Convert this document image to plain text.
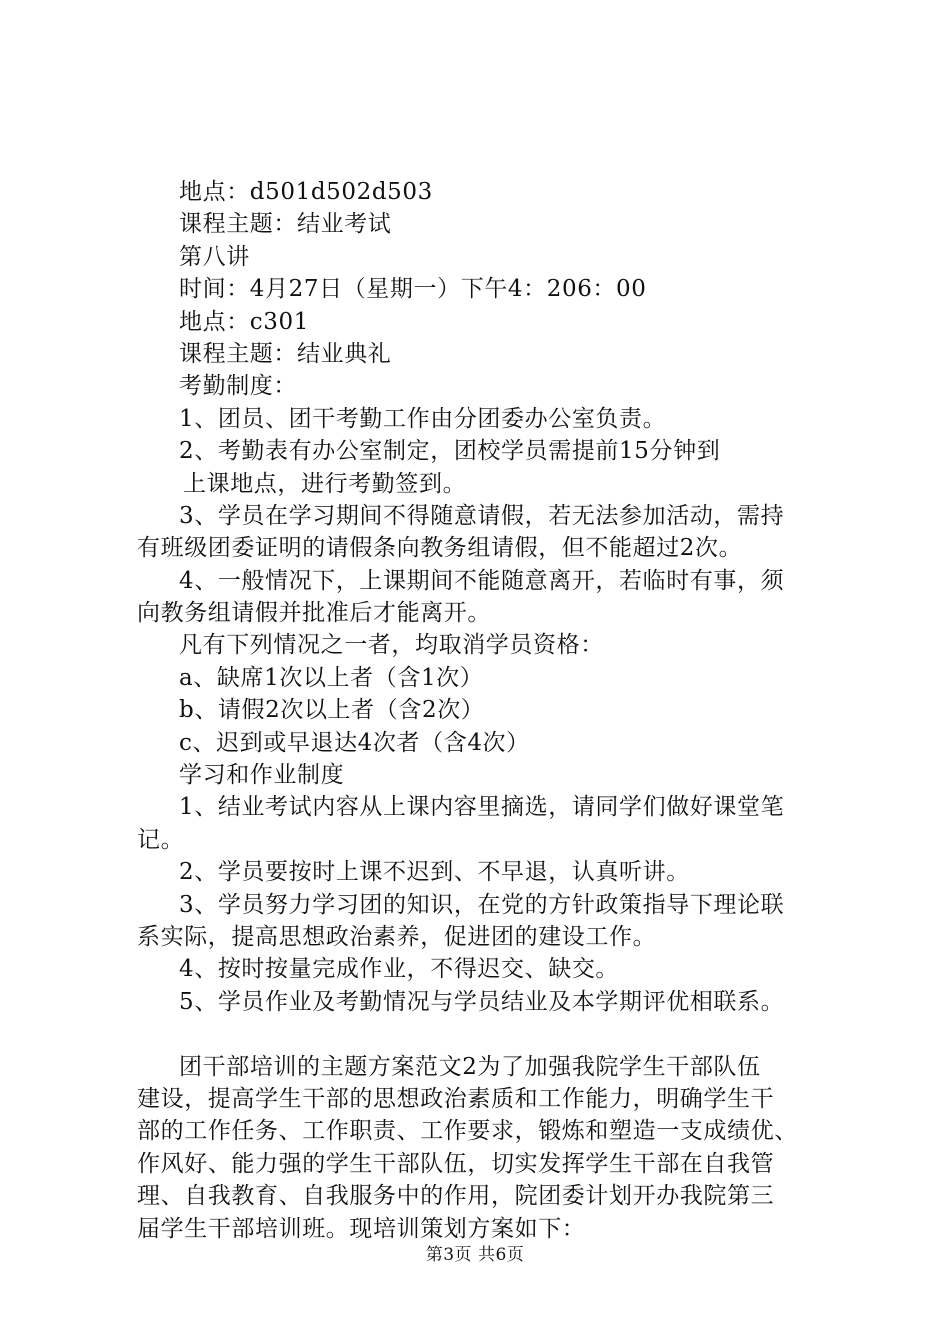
地点：d501d502d503
课程主题：结业考试
第八讲
时间：4月27日（星期一）下午4：206：00
地点：c301
课程主题：结业典礼
考勤制度：
1、团员、团干考勤工作由分团委办公室负责。
2、考勤表有办公室制定，团校学员需提前15分钟到
上课地点，进行考勤签到。
3、学员在学习期间不得随意请假，若无法参加活动，需持
有班级团委证明的请假条向教务组请假，但不能超过2次。
4、一般情况下，上课期间不能随意离开，若临时有事，须
向教务组请假并批准后才能离开。
凡有下列情况之一者，均取消学员资格：
a、缺席1次以上者（含1次）
b、请假2次以上者（含2次）
c、迟到或早退达4次者（含4次）
学习和作业制度
1、结业考试内容从上课内容里摘选，请同学们做好课堂笔
记。
2、学员要按时上课不迟到、不早退，认真听讲。
3、学员努力学习团的知识，在党的方针政策指导下理论联
系实际，提高思想政治素养，促进团的建设工作。
4、按时按量完成作业，不得迟交、缺交。
5、学员作业及考勤情况与学员结业及本学期评优相联系。
团干部培训的主题方案范文2为了加强我院学生干部队伍
建设，提高学生干部的思想政治素质和工作能力，明确学生干
部的工作任务、工作职责、工作要求，锻炼和塑造一支成绩优、
作风好、能力强的学生干部队伍，切实发挥学生干部在自我管
理、自我教育、自我服务中的作用，院团委计划开办我院第三
届学生干部培训班。现培训策划方案如下：
第3页 共6页
